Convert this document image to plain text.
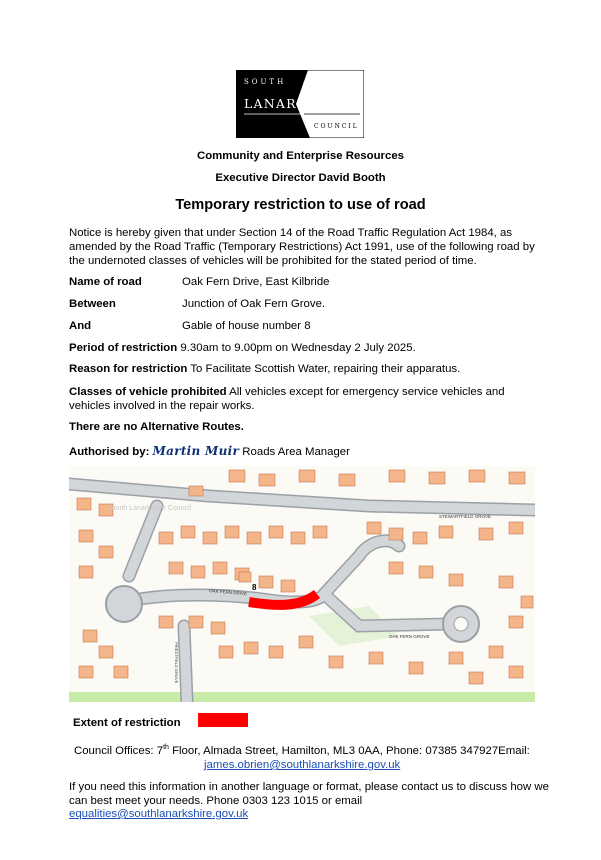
SOUTH
LANARKSHIRE
COUNCIL
Community and Enterprise Resources
Executive Director David Booth
Temporary restriction to use of road
Notice is hereby given that under Section 14 of the Road Traffic Regulation Act 1984, as amended by the Road Traffic (Temporary Restrictions) Act 1991, use of the following road by the undernoted classes of vehicles will be prohibited for the stated period of time.
Name of road	Oak Fern Drive, East Kilbride
Between	Junction of Oak Fern Grove.
And	Gable of house number 8
Period of restriction 9.30am to 9.00pm on Wednesday 2 July 2025.
Reason for restriction To Facilitate Scottish Water, repairing their apparatus.
Classes of vehicle prohibited All vehicles except for emergency service vehicles and vehicles involved in the repair works.
There are no Alternative Routes.
Authorised by: Martin Muir Roads Area Manager
STEWARTFIELD GROVE
OAK FERN DRIVE
OAK FERN GROVE
PRIESTFIELD GROVE
8
South Lanarkshire Council
Extent of restriction
Council Offices: 7th Floor, Almada Street, Hamilton, ML3 0AA, Phone: 07385 347927Email:
james.obrien@southlanarkshire.gov.uk
If you need this information in another language or format, please contact us to discuss how we can best meet your needs. Phone 0303 123 1015 or email
equalities@southlanarkshire.gov.uk
